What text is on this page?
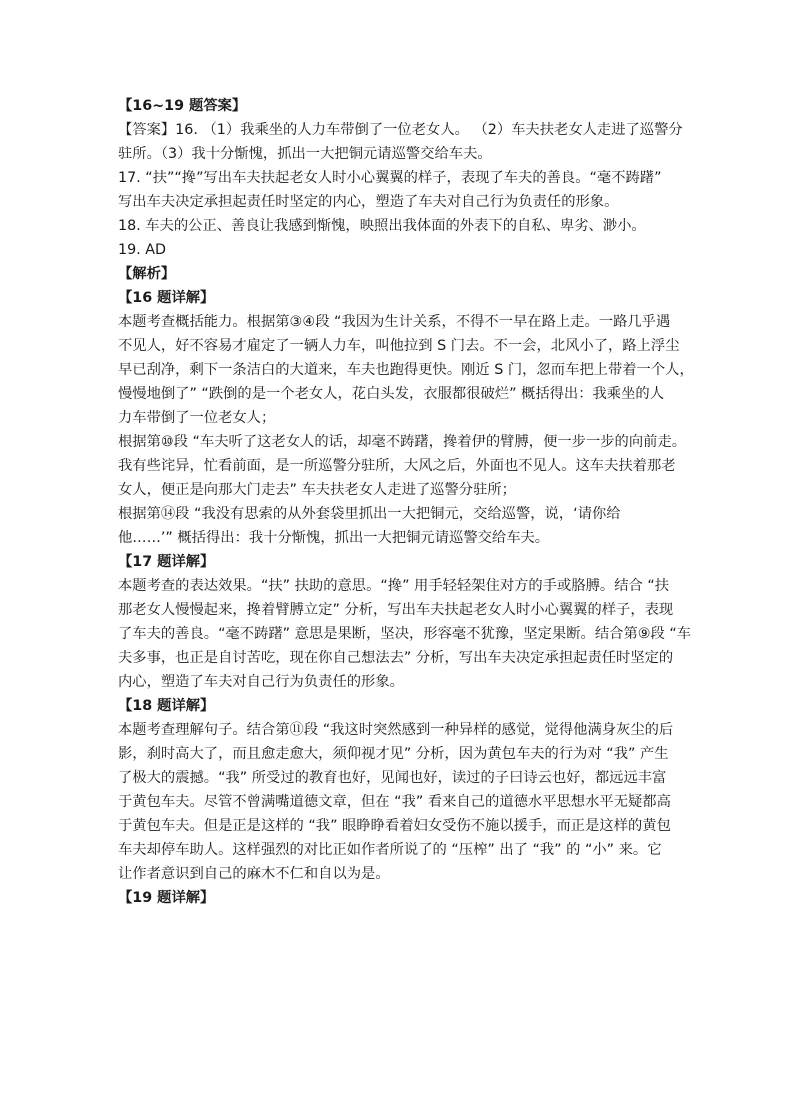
【16~19 题答案】
【答案】16. （1）我乘坐的人力车带倒了一位老女人。 （2）车夫扶老女人走进了巡警分
驻所。（3）我十分惭愧，抓出一大把铜元请巡警交给车夫。
17. “扶”“搀”写出车夫扶起老女人时小心翼翼的样子，表现了车夫的善良。“毫不踌躇”
写出车夫决定承担起责任时坚定的内心，塑造了车夫对自己行为负责任的形象。
18. 车夫的公正、善良让我感到惭愧，映照出我体面的外表下的自私、卑劣、渺小。
19. AD
【解析】
【16 题详解】
本题考查概括能力。根据第③④段 “我因为生计关系，不得不一早在路上走。一路几乎遇
不见人，好不容易才雇定了一辆人力车，叫他拉到 S 门去。不一会，北风小了，路上浮尘
早已刮净，剩下一条洁白的大道来，车夫也跑得更快。刚近 S 门，忽而车把上带着一个人，
慢慢地倒了” “跌倒的是一个老女人，花白头发，衣服都很破烂” 概括得出：我乘坐的人
力车带倒了一位老女人；
根据第⑩段 “车夫听了这老女人的话，却毫不踌躇，搀着伊的臂膊，便一步一步的向前走。
我有些诧异，忙看前面，是一所巡警分驻所，大风之后，外面也不见人。这车夫扶着那老
女人，便正是向那大门走去” 车夫扶老女人走进了巡警分驻所；
根据第⑭段 “我没有思索的从外套袋里抓出一大把铜元，交给巡警，说，‘请你给
他……’” 概括得出：我十分惭愧，抓出一大把铜元请巡警交给车夫。
【17 题详解】
本题考查的表达效果。“扶” 扶助的意思。“搀” 用手轻轻架住对方的手或胳膊。结合 “扶
那老女人慢慢起来，搀着臂膊立定” 分析，写出车夫扶起老女人时小心翼翼的样子，表现
了车夫的善良。“毫不踌躇” 意思是果断，坚决，形容毫不犹豫，坚定果断。结合第⑨段 “车
夫多事，也正是自讨苦吃，现在你自己想法去” 分析，写出车夫决定承担起责任时坚定的
内心，塑造了车夫对自己行为负责任的形象。
【18 题详解】
本题考查理解句子。结合第⑪段 “我这时突然感到一种异样的感觉，觉得他满身灰尘的后
影，刹时高大了，而且愈走愈大，须仰视才见” 分析，因为黄包车夫的行为对 “我” 产生
了极大的震撼。“我” 所受过的教育也好，见闻也好，读过的子曰诗云也好，都远远丰富
于黄包车夫。尽管不曾满嘴道德文章，但在 “我” 看来自己的道德水平思想水平无疑都高
于黄包车夫。但是正是这样的 “我” 眼睁睁看着妇女受伤不施以援手，而正是这样的黄包
车夫却停车助人。这样强烈的对比正如作者所说了的 “压榨” 出了 “我” 的 “小” 来。它
让作者意识到自己的麻木不仁和自以为是。
【19 题详解】
